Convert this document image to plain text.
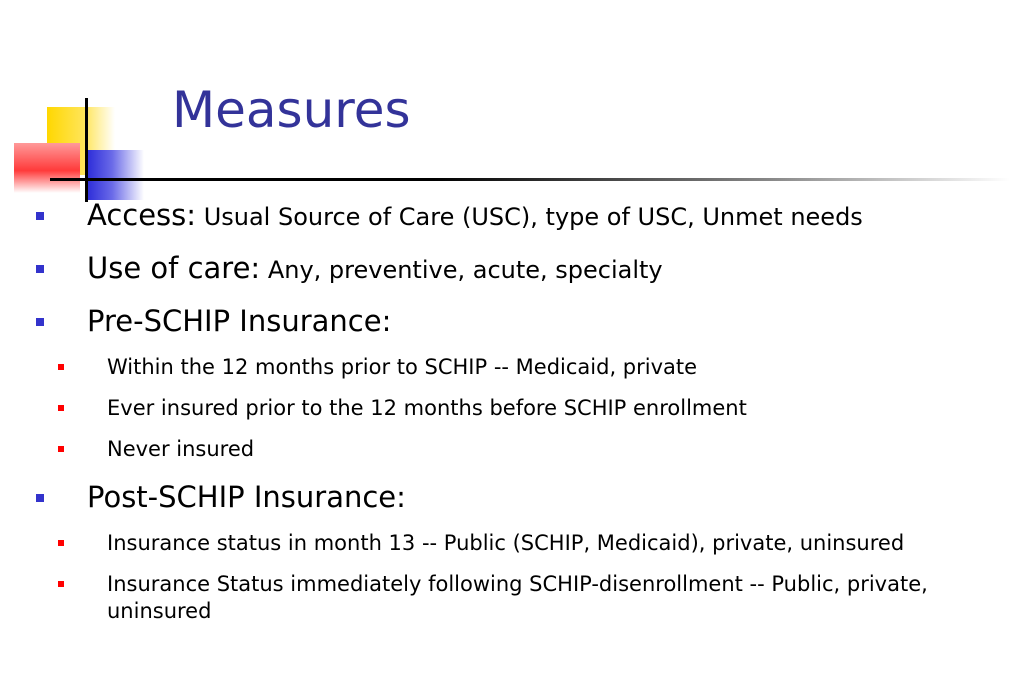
Measures
Access: Usual Source of Care (USC), type of USC, Unmet needs
Use of care: Any, preventive, acute, specialty
Pre-SCHIP Insurance:
Within the 12 months prior to SCHIP -- Medicaid, private
Ever insured prior to the 12 months before SCHIP enrollment
Never insured
Post-SCHIP Insurance:
Insurance status in month 13 -- Public (SCHIP, Medicaid), private, uninsured
Insurance Status immediately following SCHIP-disenrollment -- Public, private, uninsured
